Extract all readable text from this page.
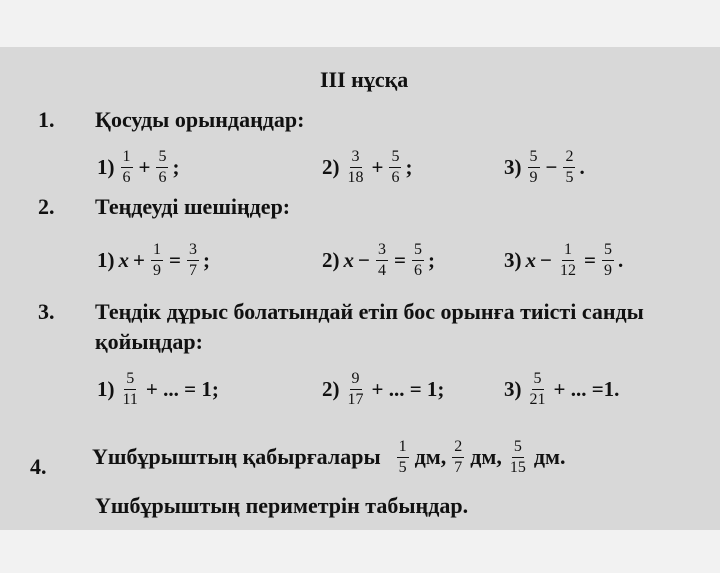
III нұсқа
1. Қосуды орындаңдар:
$1) \frac{1}{6} + \frac{5}{6}$ ;	$2) \frac{3}{18} + \frac{5}{6}$ ;	$3) \frac{5}{9} - \frac{2}{5}$ .
2. Теңдеуді шешіңдер:
1) $x + \frac{1}{9} = \frac{3}{7}$ ;	2) $x - \frac{3}{4} = \frac{5}{6}$ ;	3) $x - \frac{1}{12} = \frac{5}{9}$ .
3. Теңдік дұрыс болатындай етіп бос орынға тиісті санды
қойыңдар:
$1) \frac{5}{11}$ + ... = 1;	$2) \frac{9}{17}$ + ... = 1;	$3) \frac{5}{21}$ + ... =1.
4. Үшбұрыштың қабырғалары $\frac{1}{5}$ дм, $\frac{2}{7}$ дм, $\frac{5}{15}$ дм.
Үшбұрыштың периметрін табыңдар.
